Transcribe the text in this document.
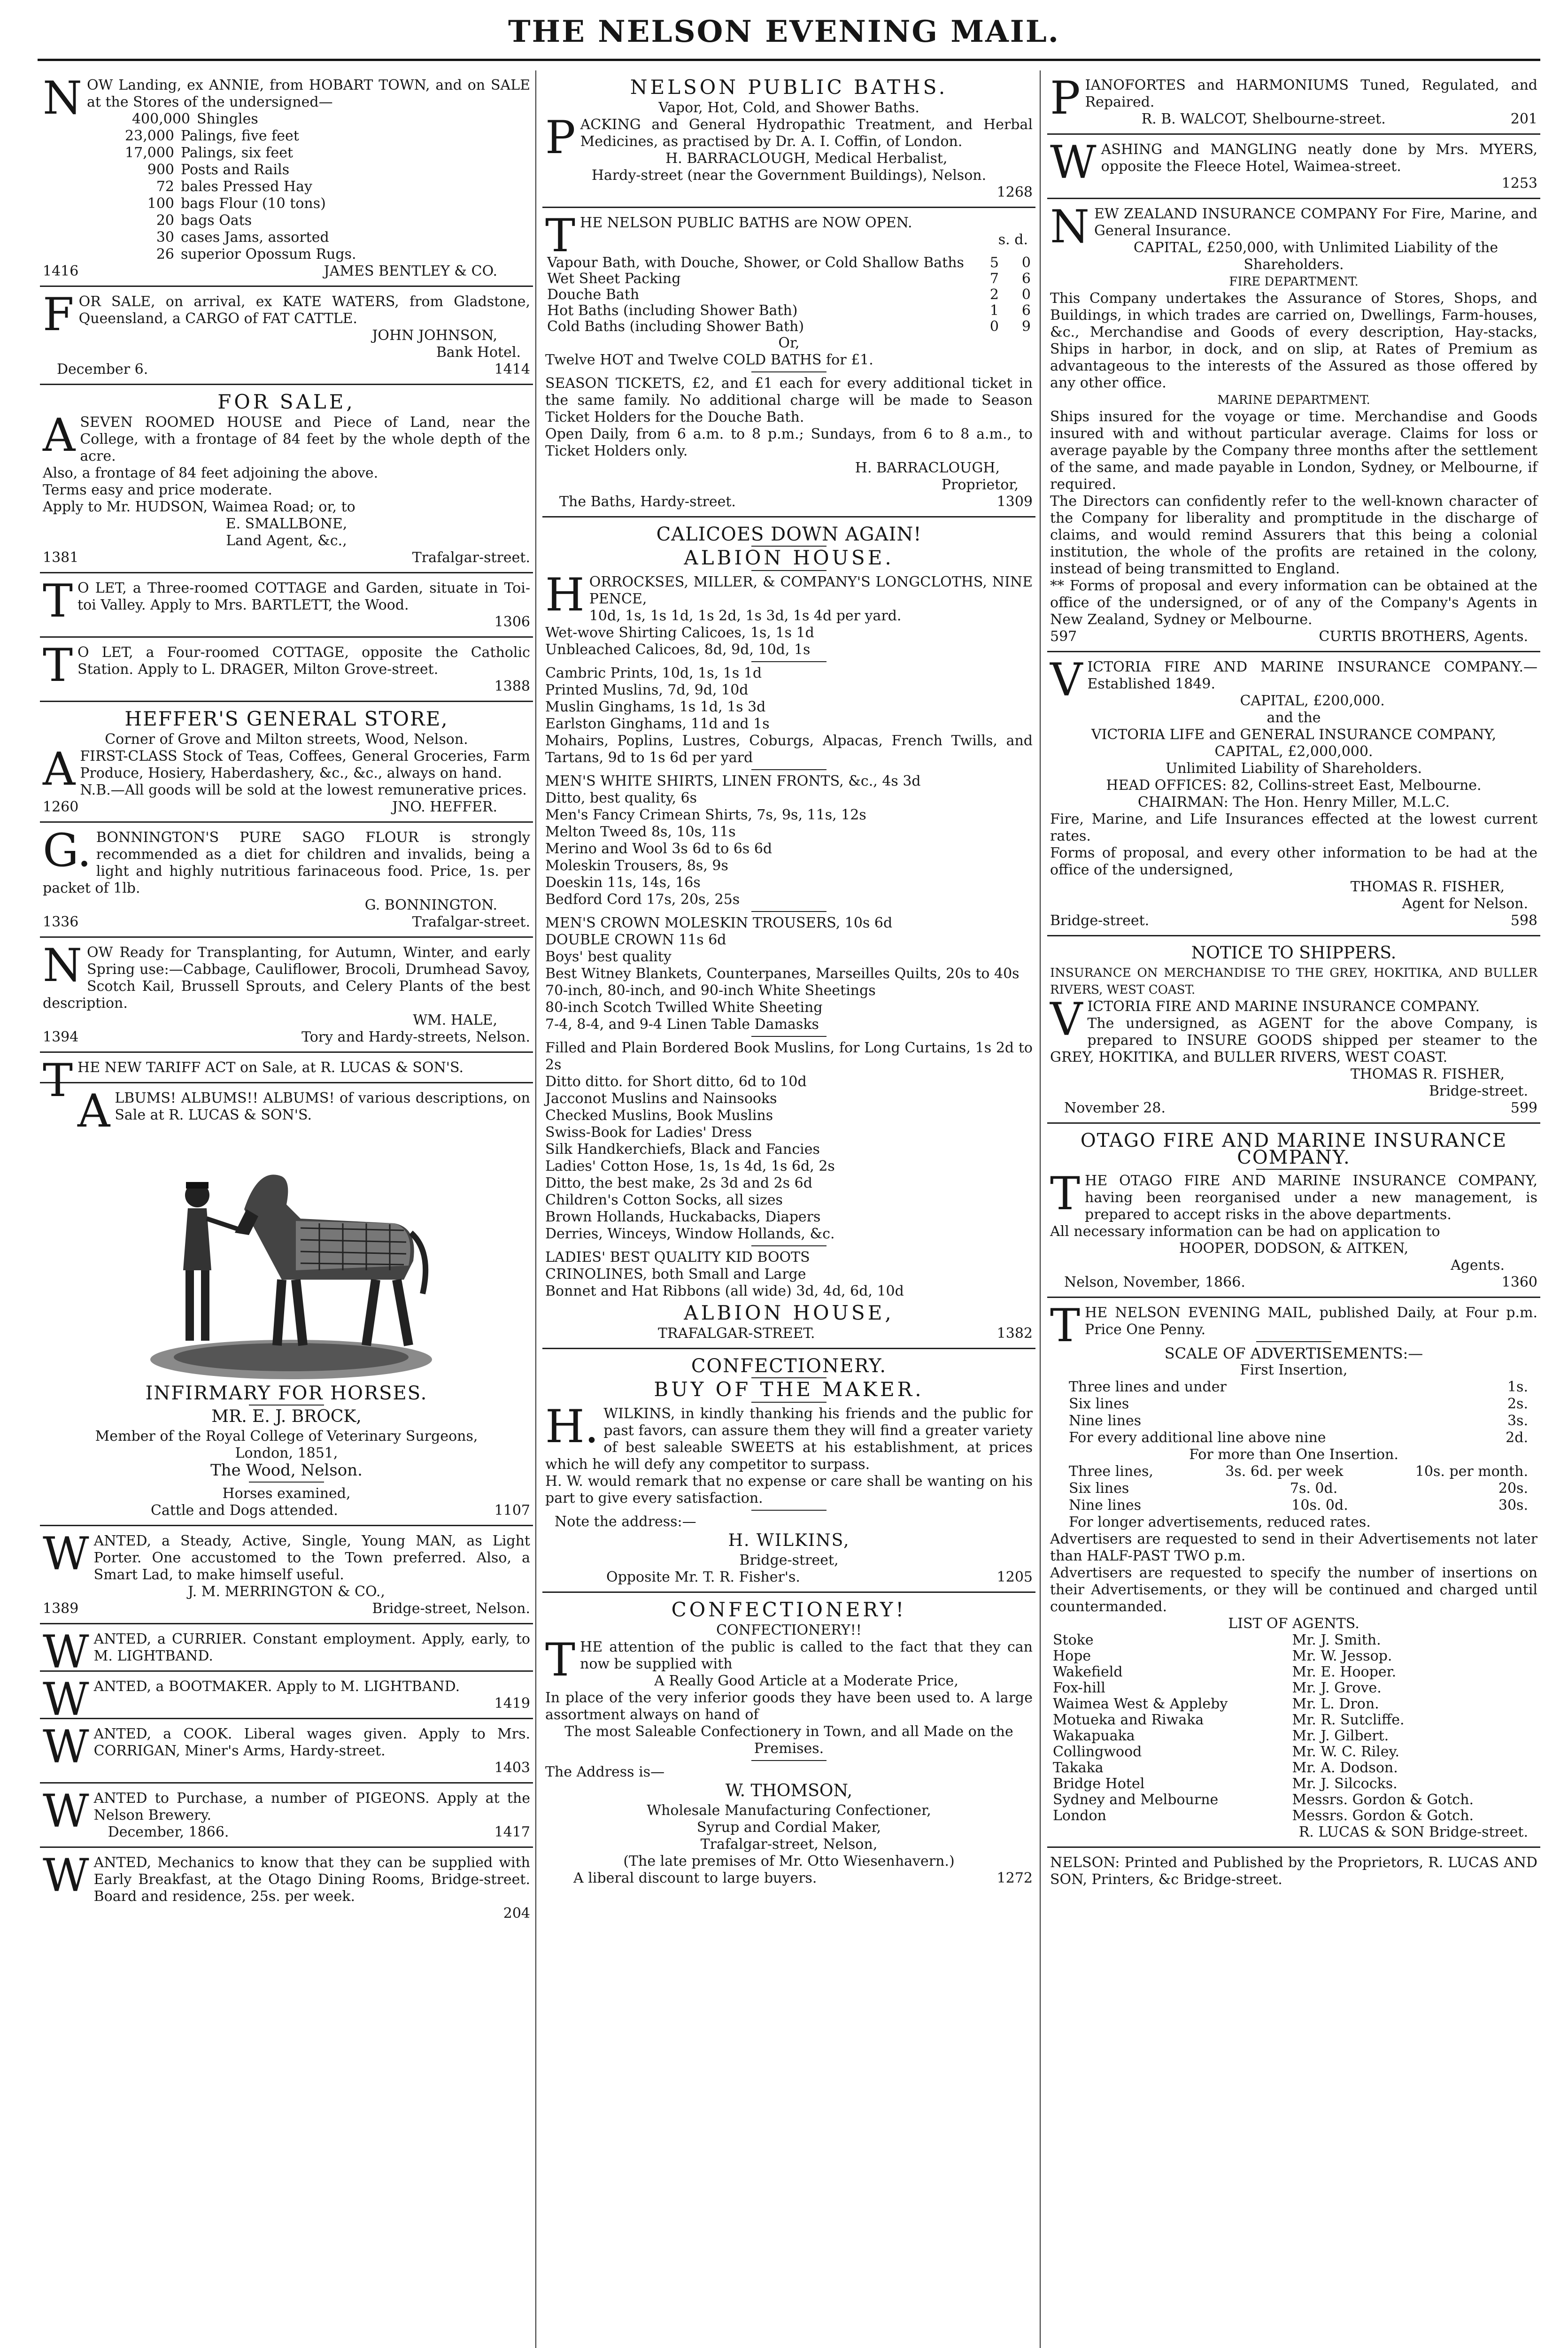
THE NELSON EVENING MAIL.

NOW Landing, ex ANNIE, from HOBART TOWN, and on SALE at the Stores of the undersigned—

400,000 Shingles
23,000 Palings, five feet
17,000 Palings, six feet
900 Posts and Rails
72 bales Pressed Hay
100 bags Flour (10 tons)
20 bags Oats
30 cases Jams, assorted
26 superior Opossum Rugs.
1416	JAMES BENTLEY & CO.

FOR SALE, on arrival, ex KATE WATERS, from Gladstone, Queensland, a CARGO of FAT CATTLE.

JOHN JOHNSON,
Bank Hotel.
December 6.	1414
FOR SALE,

ASEVEN ROOMED HOUSE and Piece of Land, near the College, with a frontage of 84 feet by the whole depth of the acre.

Also, a frontage of 84 feet adjoining the above.

Terms easy and price moderate.

Apply to Mr. HUDSON, Waimea Road; or, to

E. SMALLBONE,
Land Agent, &c.,
1381	Trafalgar-street.

TO LET, a Three-roomed COTTAGE and Garden, situate in Toi-toi Valley. Apply to Mrs. BARTLETT, the Wood.

1306

TO LET, a Four-roomed COTTAGE, opposite the Catholic Station. Apply to L. DRAGER, Milton Grove-street.

1388
HEFFER'S GENERAL STORE,
Corner of Grove and Milton streets, Wood, Nelson.

AFIRST-CLASS Stock of Teas, Coffees, General Groceries, Farm Produce, Hosiery, Haberdashery, &c., &c., always on hand.

N.B.—All goods will be sold at the lowest remunerative prices.

1260	JNO. HEFFER.

G.BONNINGTON'S PURE SAGO FLOUR is strongly recommended as a diet for children and invalids, being a light and highly nutritious farinaceous food. Price, 1s. per packet of 1lb.

G. BONNINGTON.
1336	Trafalgar-street.

NOW Ready for Transplanting, for Autumn, Winter, and early Spring use:—Cabbage, Cauliflower, Brocoli, Drumhead Savoy, Scotch Kail, Brussell Sprouts, and Celery Plants of the best description.

WM. HALE,
1394	Tory and Hardy-streets, Nelson.

THE NEW TARIFF ACT on Sale, at R. LUCAS & SON'S.

ALBUMS! ALBUMS!! ALBUMS! of various descriptions, on Sale at R. LUCAS & SON'S.

INFIRMARY FOR HORSES.
MR. E. J. BROCK,
Member of the Royal College of Veterinary Surgeons,
London, 1851,
The Wood, Nelson.
Horses examined,
Cattle and Dogs attended.	1107

WANTED, a Steady, Active, Single, Young MAN, as Light Porter. One accustomed to the Town preferred. Also, a Smart Lad, to make himself useful.

J. M. MERRINGTON & CO.,
1389	Bridge-street, Nelson.

WANTED, a CURRIER. Constant employment. Apply, early, to M. LIGHTBAND.

WANTED, a BOOTMAKER. Apply to M. LIGHTBAND.

1419

WANTED, a COOK. Liberal wages given. Apply to Mrs. CORRIGAN, Miner's Arms, Hardy-street.

1403

WANTED to Purchase, a number of PIGEONS. Apply at the Nelson Brewery.

December, 1866.	1417

WANTED, Mechanics to know that they can be supplied with Early Breakfast, at the Otago Dining Rooms, Bridge-street. Board and residence, 25s. per week.

204
NELSON PUBLIC BATHS.
Vapor, Hot, Cold, and Shower Baths.

PACKING and General Hydropathic Treatment, and Herbal Medicines, as practised by Dr. A. I. Coffin, of London.

H. BARRACLOUGH, Medical Herbalist,
Hardy-street (near the Government Buildings), Nelson.
1268

THE NELSON PUBLIC BATHS are NOW OPEN.

s. d.
Vapour Bath, with Douche, Shower, or Cold Shallow Baths	5	0
Wet Sheet Packing	7	6
Douche Bath	2	0
Hot Baths (including Shower Bath)	1	6
Cold Baths (including Shower Bath)	0	9
Or,

Twelve HOT and Twelve COLD BATHS for £1.

SEASON TICKETS, £2, and £1 each for every additional ticket in the same family. No additional charge will be made to Season Ticket Holders for the Douche Bath.

Open Daily, from 6 a.m. to 8 p.m.; Sundays, from 6 to 8 a.m., to Ticket Holders only.

H. BARRACLOUGH,
Proprietor,
The Baths, Hardy-street.	1309
CALICOES DOWN AGAIN!
ALBION HOUSE.

HORROCKSES, MILLER, & COMPANY'S LONGCLOTHS, NINE PENCE,

10d, 1s, 1s 1d, 1s 2d, 1s 3d, 1s 4d per yard.

Wet-wove Shirting Calicoes, 1s, 1s 1d

Unbleached Calicoes, 8d, 9d, 10d, 1s

Cambric Prints, 10d, 1s, 1s 1d

Printed Muslins, 7d, 9d, 10d

Muslin Ginghams, 1s 1d, 1s 3d

Earlston Ginghams, 11d and 1s

Mohairs, Poplins, Lustres, Coburgs, Alpacas, French Twills, and Tartans, 9d to 1s 6d per yard

MEN'S WHITE SHIRTS, LINEN FRONTS, &c., 4s 3d

Ditto, best quality, 6s

Men's Fancy Crimean Shirts, 7s, 9s, 11s, 12s

Melton Tweed 8s, 10s, 11s

Merino and Wool 3s 6d to 6s 6d

Moleskin Trousers, 8s, 9s

Doeskin 11s, 14s, 16s

Bedford Cord 17s, 20s, 25s

MEN'S CROWN MOLESKIN TROUSERS, 10s 6d

DOUBLE CROWN 11s 6d

Boys' best quality

Best Witney Blankets, Counterpanes, Marseilles Quilts, 20s to 40s

70-inch, 80-inch, and 90-inch White Sheetings

80-inch Scotch Twilled White Sheeting

7-4, 8-4, and 9-4 Linen Table Damasks

Filled and Plain Bordered Book Muslins, for Long Curtains, 1s 2d to 2s

Ditto ditto. for Short ditto, 6d to 10d

Jacconot Muslins and Nainsooks

Checked Muslins, Book Muslins

Swiss-Book for Ladies' Dress

Silk Handkerchiefs, Black and Fancies

Ladies' Cotton Hose, 1s, 1s 4d, 1s 6d, 2s

Ditto, the best make, 2s 3d and 2s 6d

Children's Cotton Socks, all sizes

Brown Hollands, Huckabacks, Diapers

Derries, Winceys, Window Hollands, &c.

LADIES' BEST QUALITY KID BOOTS

CRINOLINES, both Small and Large

Bonnet and Hat Ribbons (all wide) 3d, 4d, 6d, 10d

ALBION HOUSE,
TRAFALGAR-STREET.	1382
CONFECTIONERY.
BUY OF THE MAKER.

H.WILKINS, in kindly thanking his friends and the public for past favors, can assure them they will find a greater variety of best saleable SWEETS at his establishment, at prices which he will defy any competitor to surpass.

H. W. would remark that no expense or care shall be wanting on his part to give every satisfaction.

Note the address:—

H. WILKINS,
Bridge-street,
Opposite Mr. T. R. Fisher's.	1205
CONFECTIONERY!
CONFECTIONERY!!

THE attention of the public is called to the fact that they can now be supplied with

A Really Good Article at a Moderate Price,

In place of the very inferior goods they have been used to. A large assortment always on hand of

The most Saleable Confectionery in Town, and all Made on the Premises.

The Address is—

W. THOMSON,
Wholesale Manufacturing Confectioner,
Syrup and Cordial Maker,
Trafalgar-street, Nelson,
(The late premises of Mr. Otto Wiesenhavern.)
A liberal discount to large buyers.	1272

PIANOFORTES and HARMONIUMS Tuned, Regulated, and Repaired.

R. B. WALCOT, Shelbourne-street.	201

WASHING and MANGLING neatly done by Mrs. MYERS, opposite the Fleece Hotel, Waimea-street.

1253

NEW ZEALAND INSURANCE COMPANY For Fire, Marine, and General Insurance.

CAPITAL, £250,000, with Unlimited Liability of the Shareholders.
FIRE DEPARTMENT.

This Company undertakes the Assurance of Stores, Shops, and Buildings, in which trades are carried on, Dwellings, Farm-houses, &c., Merchandise and Goods of every description, Hay-stacks, Ships in harbor, in dock, and on slip, at Rates of Premium as advantageous to the interests of the Assured as those offered by any other office.

MARINE DEPARTMENT.

Ships insured for the voyage or time. Merchandise and Goods insured with and without particular average. Claims for loss or average payable by the Company three months after the settlement of the same, and made payable in London, Sydney, or Melbourne, if required.

The Directors can confidently refer to the well-known character of the Company for liberality and promptitude in the discharge of claims, and would remind Assurers that this being a colonial institution, the whole of the profits are retained in the colony, instead of being transmitted to England.

** Forms of proposal and every information can be obtained at the office of the undersigned, or of any of the Company's Agents in New Zealand, Sydney or Melbourne.

597	CURTIS BROTHERS, Agents.

VICTORIA FIRE AND MARINE INSURANCE COMPANY.—Established 1849.

CAPITAL, £200,000.
and the
VICTORIA LIFE and GENERAL INSURANCE COMPANY,
CAPITAL, £2,000,000.
Unlimited Liability of Shareholders.
HEAD OFFICES: 82, Collins-street East, Melbourne.
CHAIRMAN: The Hon. Henry Miller, M.L.C.

Fire, Marine, and Life Insurances effected at the lowest current rates.

Forms of proposal, and every other information to be had at the office of the undersigned,

THOMAS R. FISHER,
Agent for Nelson.
Bridge-street.	598
NOTICE TO SHIPPERS.

INSURANCE ON MERCHANDISE TO THE GREY, HOKITIKA, AND BULLER RIVERS, WEST COAST.

VICTORIA FIRE AND MARINE INSURANCE COMPANY.

The undersigned, as AGENT for the above Company, is prepared to INSURE GOODS shipped per steamer to the GREY, HOKITIKA, and BULLER RIVERS, WEST COAST.

THOMAS R. FISHER,
Bridge-street.
November 28.	599
OTAGO FIRE AND MARINE INSURANCE COMPANY.

THE OTAGO FIRE AND MARINE INSURANCE COMPANY, having been reorganised under a new management, is prepared to accept risks in the above departments.

All necessary information can be had on application to

HOOPER, DODSON, & AITKEN,
Agents.
Nelson, November, 1866.	1360

THE NELSON EVENING MAIL, published Daily, at Four p.m. Price One Penny.

SCALE OF ADVERTISEMENTS:—
First Insertion,
Three lines and under	1s.
Six lines	2s.
Nine lines	3s.
For every additional line above nine	2d.
For more than One Insertion.
Three lines,	3s. 6d. per week	10s. per month.
Six lines	7s. 0d.	20s.
Nine lines	10s. 0d.	30s.

For longer advertisements, reduced rates.

Advertisers are requested to send in their Advertisements not later than HALF-PAST TWO p.m.

Advertisers are requested to specify the number of insertions on their Advertisements, or they will be continued and charged until countermanded.

LIST OF AGENTS.
Stoke	Mr. J. Smith.
Hope	Mr. W. Jessop.
Wakefield	Mr. E. Hooper.
Fox-hill	Mr. J. Grove.
Waimea West & Appleby	Mr. L. Dron.
Motueka and Riwaka	Mr. R. Sutcliffe.
Wakapuaka	Mr. J. Gilbert.
Collingwood	Mr. W. C. Riley.
Takaka	Mr. A. Dodson.
Bridge Hotel	Mr. J. Silcocks.
Sydney and Melbourne	Messrs. Gordon & Gotch.
London	Messrs. Gordon & Gotch.
R. LUCAS & SON Bridge-street.

NELSON: Printed and Published by the Proprietors, R. LUCAS AND SON, Printers, &c Bridge-street.
